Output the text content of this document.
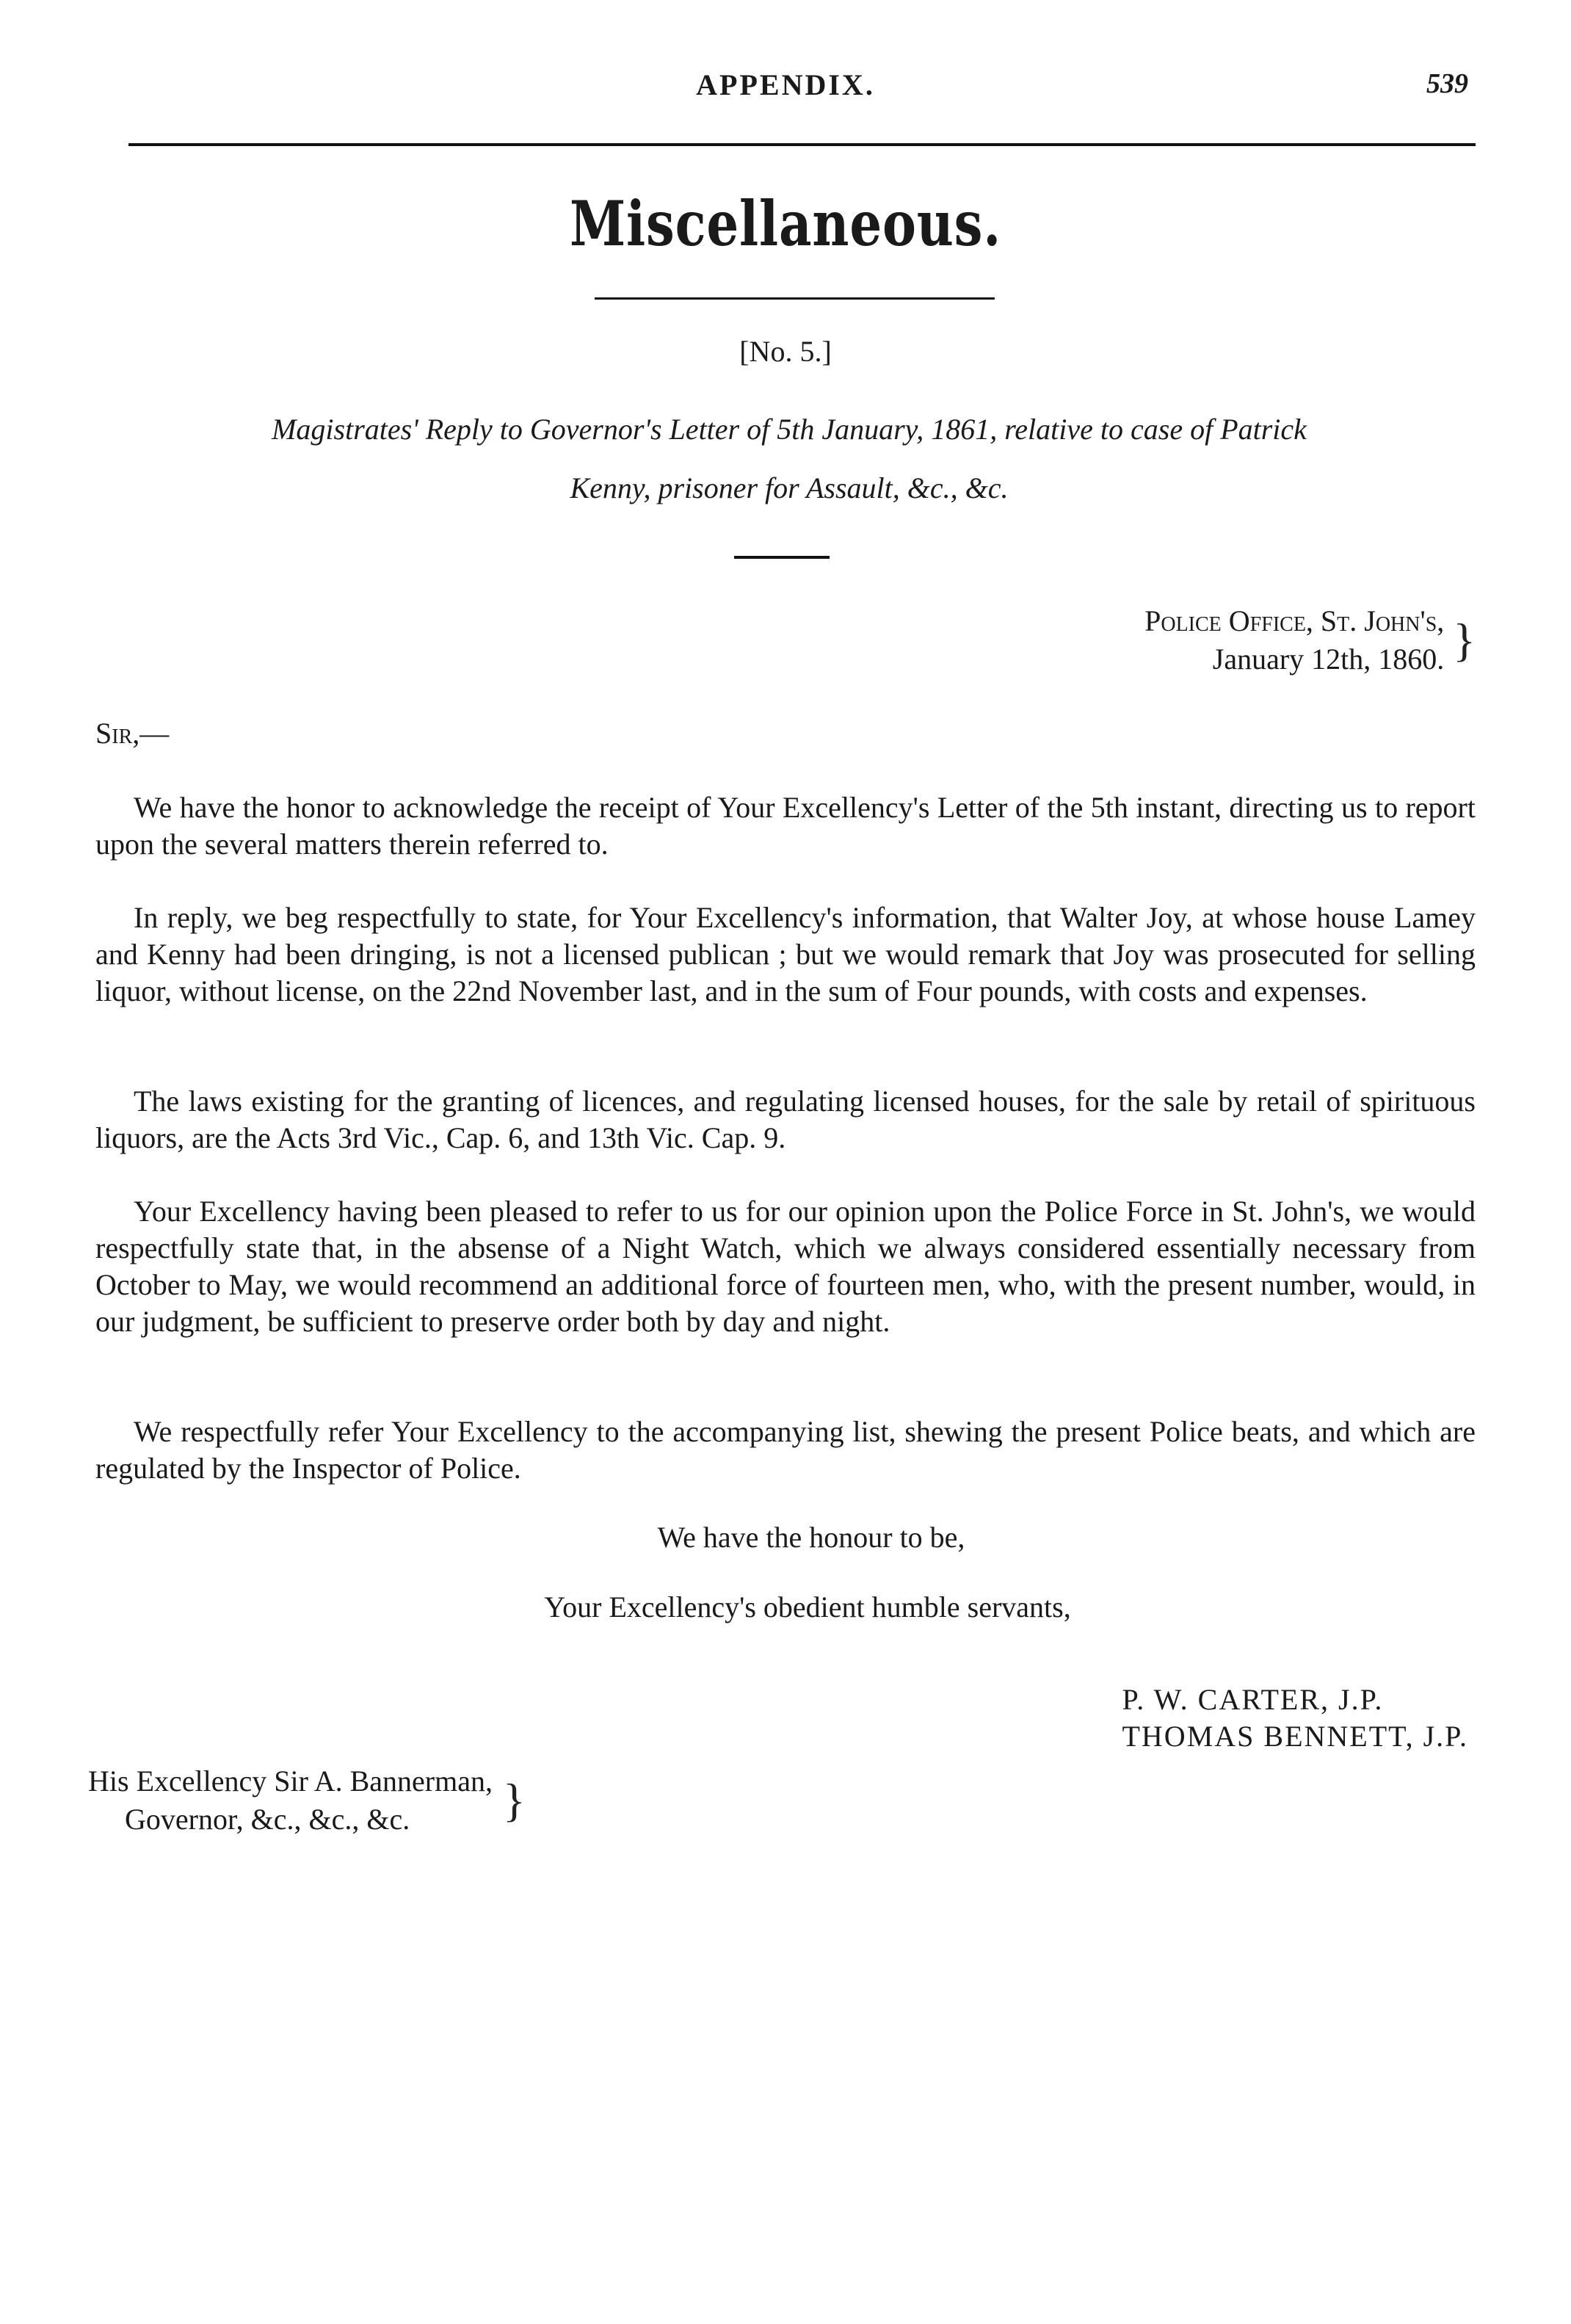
APPENDIX.	539
Miscellaneous.
[No. 5.]
Magistrates' Reply to Governor's Letter of 5th January, 1861, relative to case of Patrick
Kenny, prisoner for Assault, &c., &c.
Police Office, St. John's,
January 12th, 1860. }
Sir,—
We have the honor to acknowledge the receipt of Your Excellency's Letter of the 5th instant, directing us to report upon the several matters therein referred to.
In reply, we beg respectfully to state, for Your Excellency's information, that Walter Joy, at whose house Lamey and Kenny had been dringing, is not a licensed publican ; but we would remark that Joy was prosecuted for selling liquor, without license, on the 22nd November last, and in the sum of Four pounds, with costs and expenses.
The laws existing for the granting of licences, and regulating licensed houses, for the sale by retail of spirituous liquors, are the Acts 3rd Vic., Cap. 6, and 13th Vic. Cap. 9.
Your Excellency having been pleased to refer to us for our opinion upon the Police Force in St. John's, we would respectfully state that, in the absense of a Night Watch, which we always considered essentially necessary from October to May, we would recommend an additional force of fourteen men, who, with the present number, would, in our judgment, be sufficient to preserve order both by day and night.
We respectfully refer Your Excellency to the accompanying list, shewing the present Police beats, and which are regulated by the Inspector of Police.
We have the honour to be,
Your Excellency's obedient humble servants,
P. W. CARTER, J.P.
THOMAS BENNETT, J.P.
His Excellency Sir A. Bannerman,
Governor, &c., &c., &c.	}
